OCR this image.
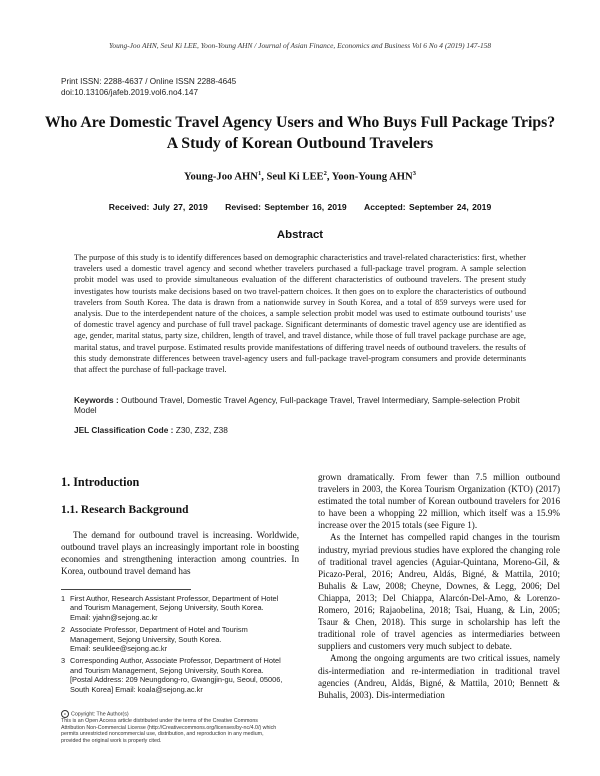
Young-Joo AHN, Seul Ki LEE, Yoon-Young AHN / Journal of Asian Finance, Economics and Business Vol 6 No 4 (2019) 147-158
Print ISSN: 2288-4637 / Online ISSN 2288-4645
doi:10.13106/jafeb.2019.vol6.no4.147
Who Are Domestic Travel Agency Users and Who Buys Full Package Trips?
A Study of Korean Outbound Travelers
Young-Joo AHN$^1$, Seul Ki LEE$^2$, Yoon-Young AHN$^3$
Received: July 27, 2019 Revised: September 16, 2019 Accepted: September 24, 2019
Abstract
The purpose of this study is to identify differences based on demographic characteristics and travel-related characteristics: first, whether travelers used a domestic travel agency and second whether travelers purchased a full-package travel program. A sample selection probit model was used to provide simultaneous evaluation of the different characteristics of outbound travelers. The present study investigates how tourists make decisions based on two travel-pattern choices. It then goes on to explore the characteristics of outbound travelers from South Korea. The data is drawn from a nationwide survey in South Korea, and a total of 859 surveys were used for analysis. Due to the interdependent nature of the choices, a sample selection probit model was used to estimate outbound tourists’ use of domestic travel agency and purchase of full travel package. Significant determinants of domestic travel agency use are identified as age, gender, marital status, party size, children, length of travel, and travel distance, while those of full travel package purchase are age, marital status, and travel purpose. Estimated results provide manifestations of differing travel needs of outbound travelers. the results of this study demonstrate differences between travel-agency users and full-package travel-program consumers and provide determinants that affect the purchase of full-package travel.
Keywords : Outbound Travel, Domestic Travel Agency, Full-package Travel, Travel Intermediary, Sample-selection Probit Model
JEL Classification Code : Z30, Z32, Z38
1. Introduction
1.1. Research Background

The demand for outbound travel is increasing. Worldwide, outbound travel plays an increasingly important role in boosting economies and strengthening interaction among countries. In Korea, outbound travel demand has

grown dramatically. From fewer than 7.5 million outbound travelers in 2003, the Korea Tourism Organization (KTO) (2017) estimated the total number of Korean outbound travelers for 2016 to have been a whopping 22 million, which itself was a 15.9% increase over the 2015 totals (see Figure 1).

As the Internet has compelled rapid changes in the tourism industry, myriad previous studies have explored the changing role of traditional travel agencies (Aguiar-Quintana, Moreno-Gil, & Picazo-Peral, 2016; Andreu, Aldás, Bigné, & Mattila, 2010; Buhalis & Law, 2008; Cheyne, Downes, & Legg, 2006; Del Chiappa, 2013; Del Chiappa, Alarcón-Del-Amo, & Lorenzo-Romero, 2016; Rajaobelina, 2018; Tsai, Huang, & Lin, 2005; Tsaur & Chen, 2018). This surge in scholarship has left the traditional role of travel agencies as intermediaries between suppliers and customers very much subject to debate.

Among the ongoing arguments are two critical issues, namely dis-intermediation and re-intermediation in traditional travel agencies (Andreu, Aldás, Bigné, & Mattila, 2010; Bennett & Buhalis, 2003). Dis-intermediation

1 First Author, Research Assistant Professor, Department of Hotel
and Tourism Management, Sejong University, South Korea.
Email: yjahn@sejong.ac.kr
2 Associate Professor, Department of Hotel and Tourism
Management, Sejong University, South Korea.
Email: seulklee@sejong.ac.kr
3 Corresponding Author, Associate Professor, Department of Hotel
and Tourism Management, Sejong University, South Korea.
[Postal Address: 209 Neungdong-ro, Gwangjin-gu, Seoul, 05006,
South Korea] Email: koala@sejong.ac.kr
c Copyright: The Author(s)
This is an Open Access article distributed under the terms of the Creative Commons
Attribution Non-Commercial License (http://Creativecommons.org/licenses/by-nc/4.0/) which
permits unrestricted noncommercial use, distribution, and reproduction in any medium,
provided the original work is properly cited.
